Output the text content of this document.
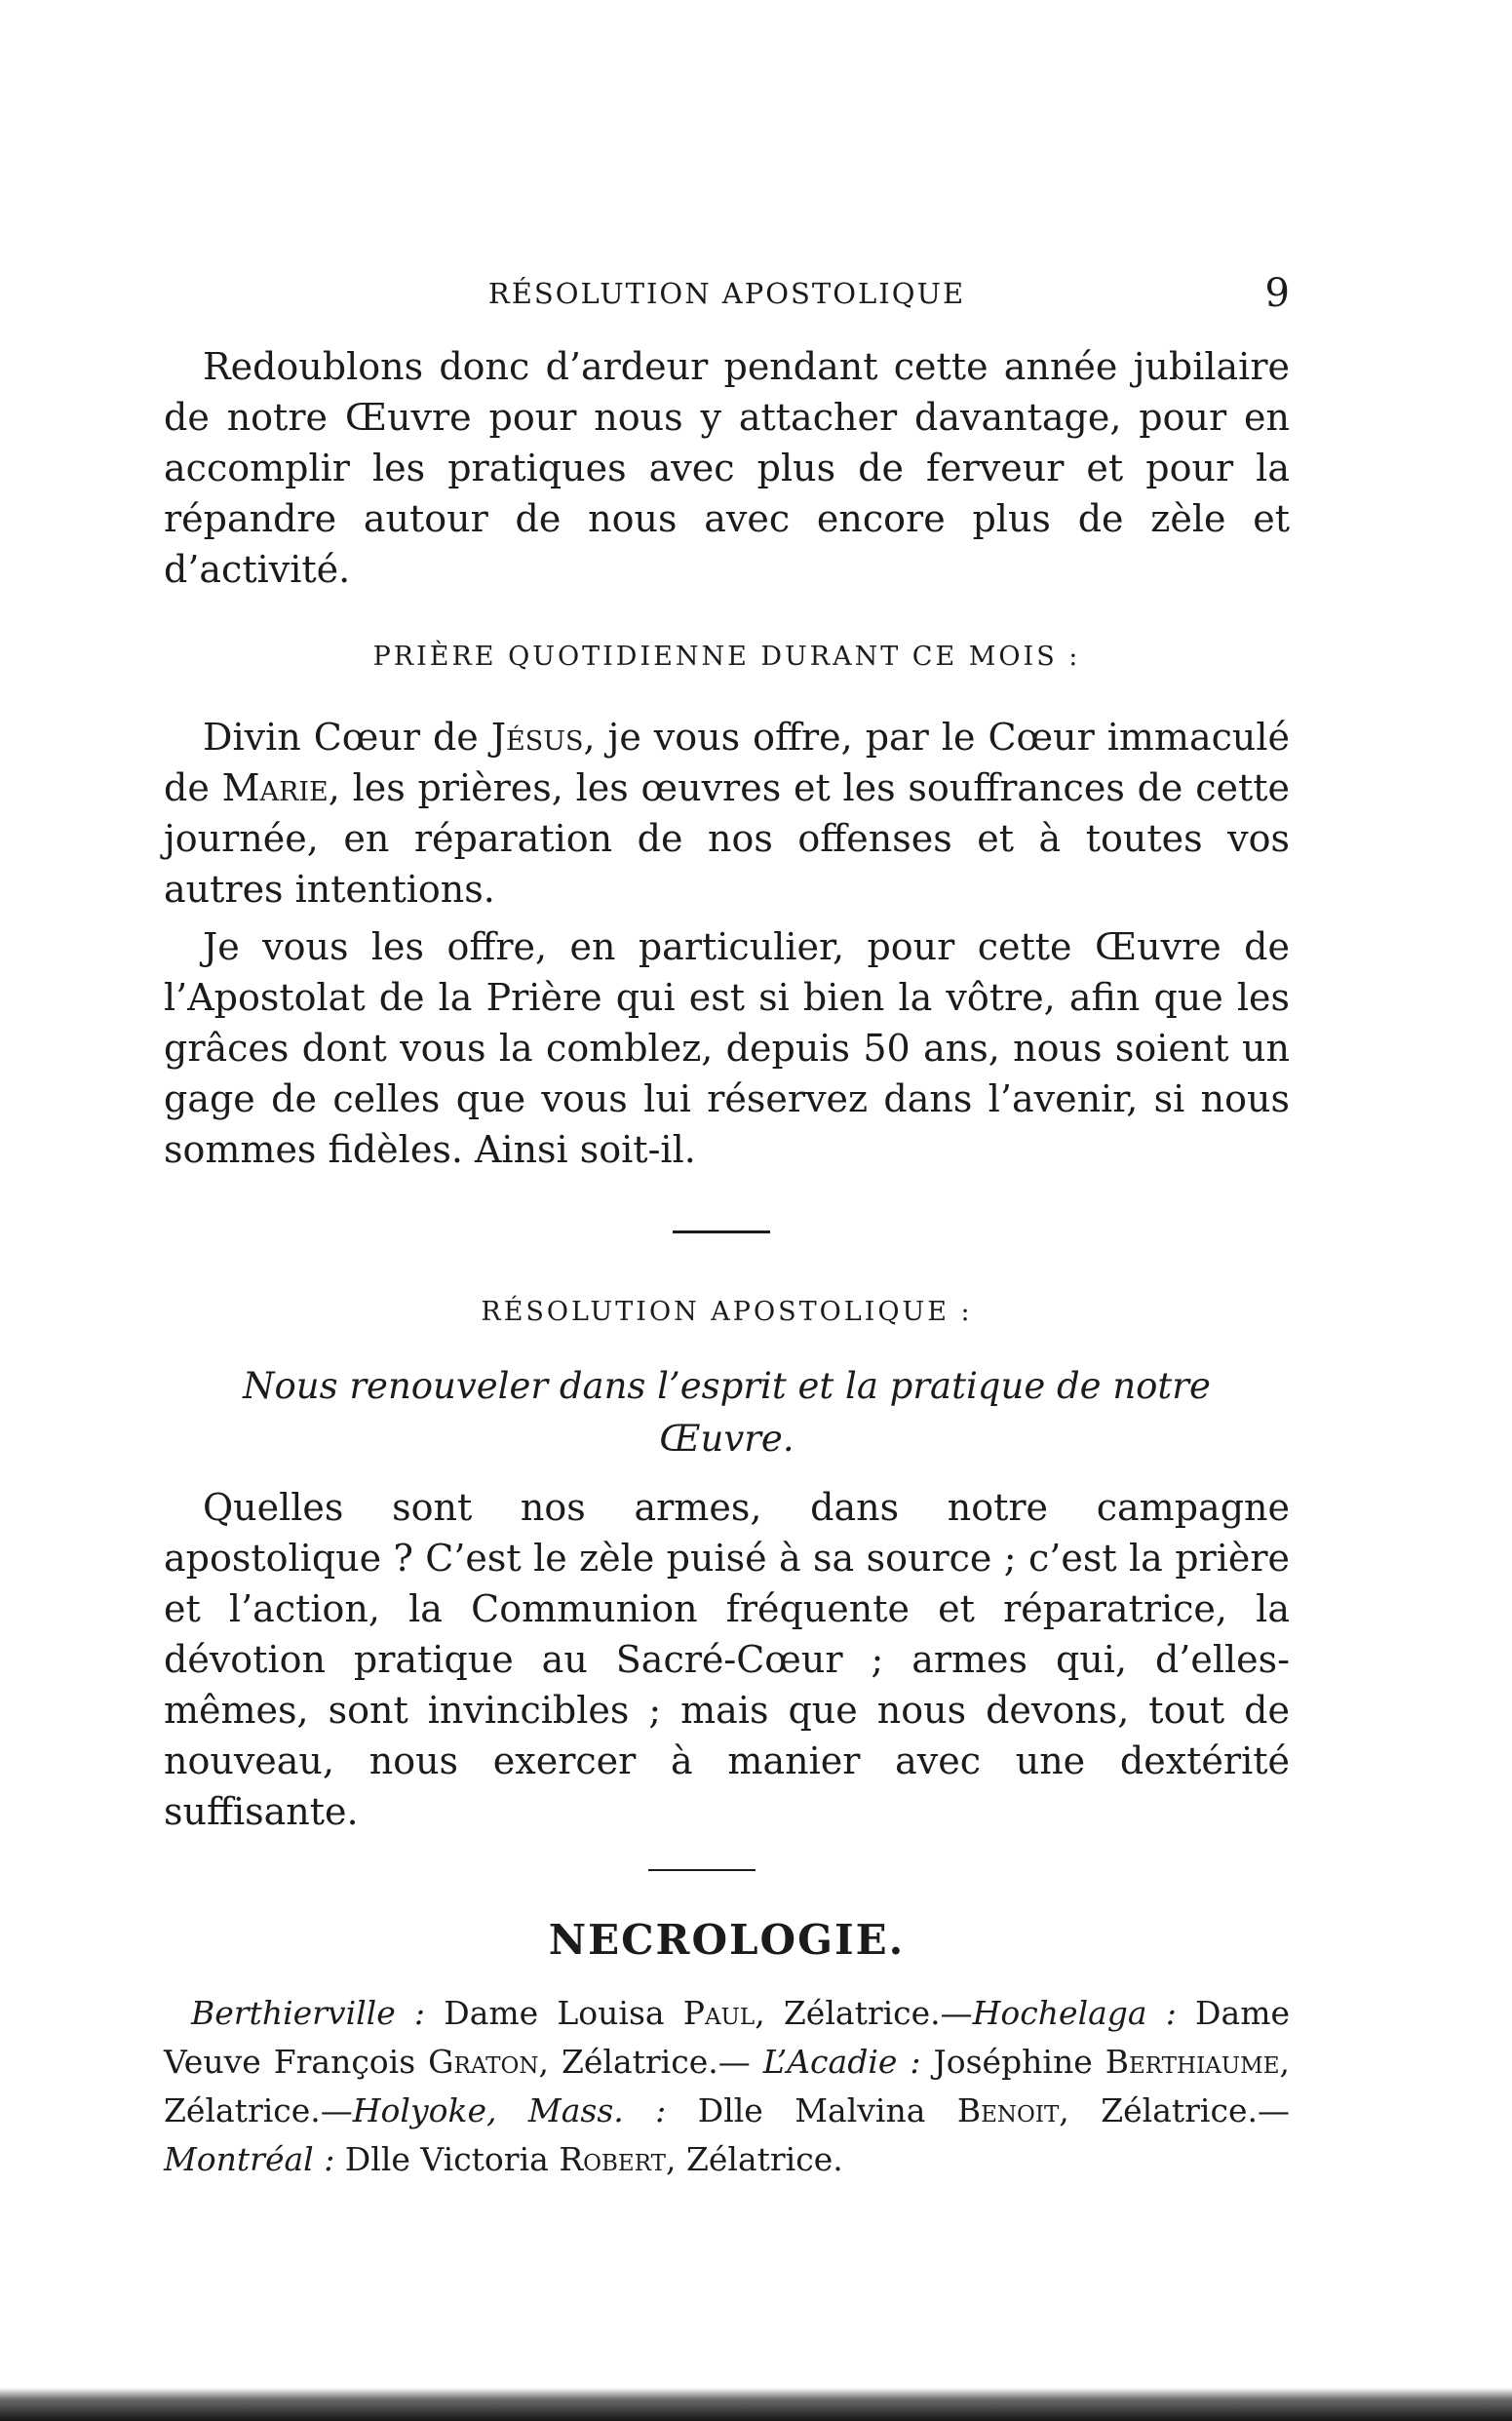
RÉSOLUTION APOSTOLIQUE	9

Redoublons donc d’ardeur pendant cette année jubilaire de notre Œuvre pour nous y attacher davantage, pour en accomplir les pratiques avec plus de ferveur et pour la répandre autour de nous avec encore plus de zèle et d’activité.

PRIÈRE QUOTIDIENNE DURANT CE MOIS :

Divin Cœur de Jésus, je vous offre, par le Cœur immaculé de Marie, les prières, les œuvres et les souffrances de cette journée, en réparation de nos offenses et à toutes vos autres intentions.

Je vous les offre, en particulier, pour cette Œuvre de l’Apostolat de la Prière qui est si bien la vôtre, afin que les grâces dont vous la comblez, depuis 50 ans, nous soient un gage de celles que vous lui réservez dans l’avenir, si nous sommes fidèles. Ainsi soit-il.

RÉSOLUTION APOSTOLIQUE :

Nous renouveler dans l’esprit et la pratique de notre
Œuvre.

Quelles sont nos armes, dans notre campagne apostolique ? C’est le zèle puisé à sa source ; c’est la prière et l’action, la Communion fréquente et réparatrice, la dévotion pratique au Sacré-Cœur ; armes qui, d’elles-mêmes, sont invincibles ; mais que nous devons, tout de nouveau, nous exercer à manier avec une dextérité suffisante.

NECROLOGIE.

Berthierville : Dame Louisa Paul, Zélatrice.—Hochelaga : Dame Veuve François Graton, Zélatrice.— L’Acadie : Joséphine Berthiaume, Zélatrice.—Holyoke, Mass. : Dlle Malvina Benoit, Zélatrice.—Montréal : Dlle Victoria Robert, Zélatrice.
